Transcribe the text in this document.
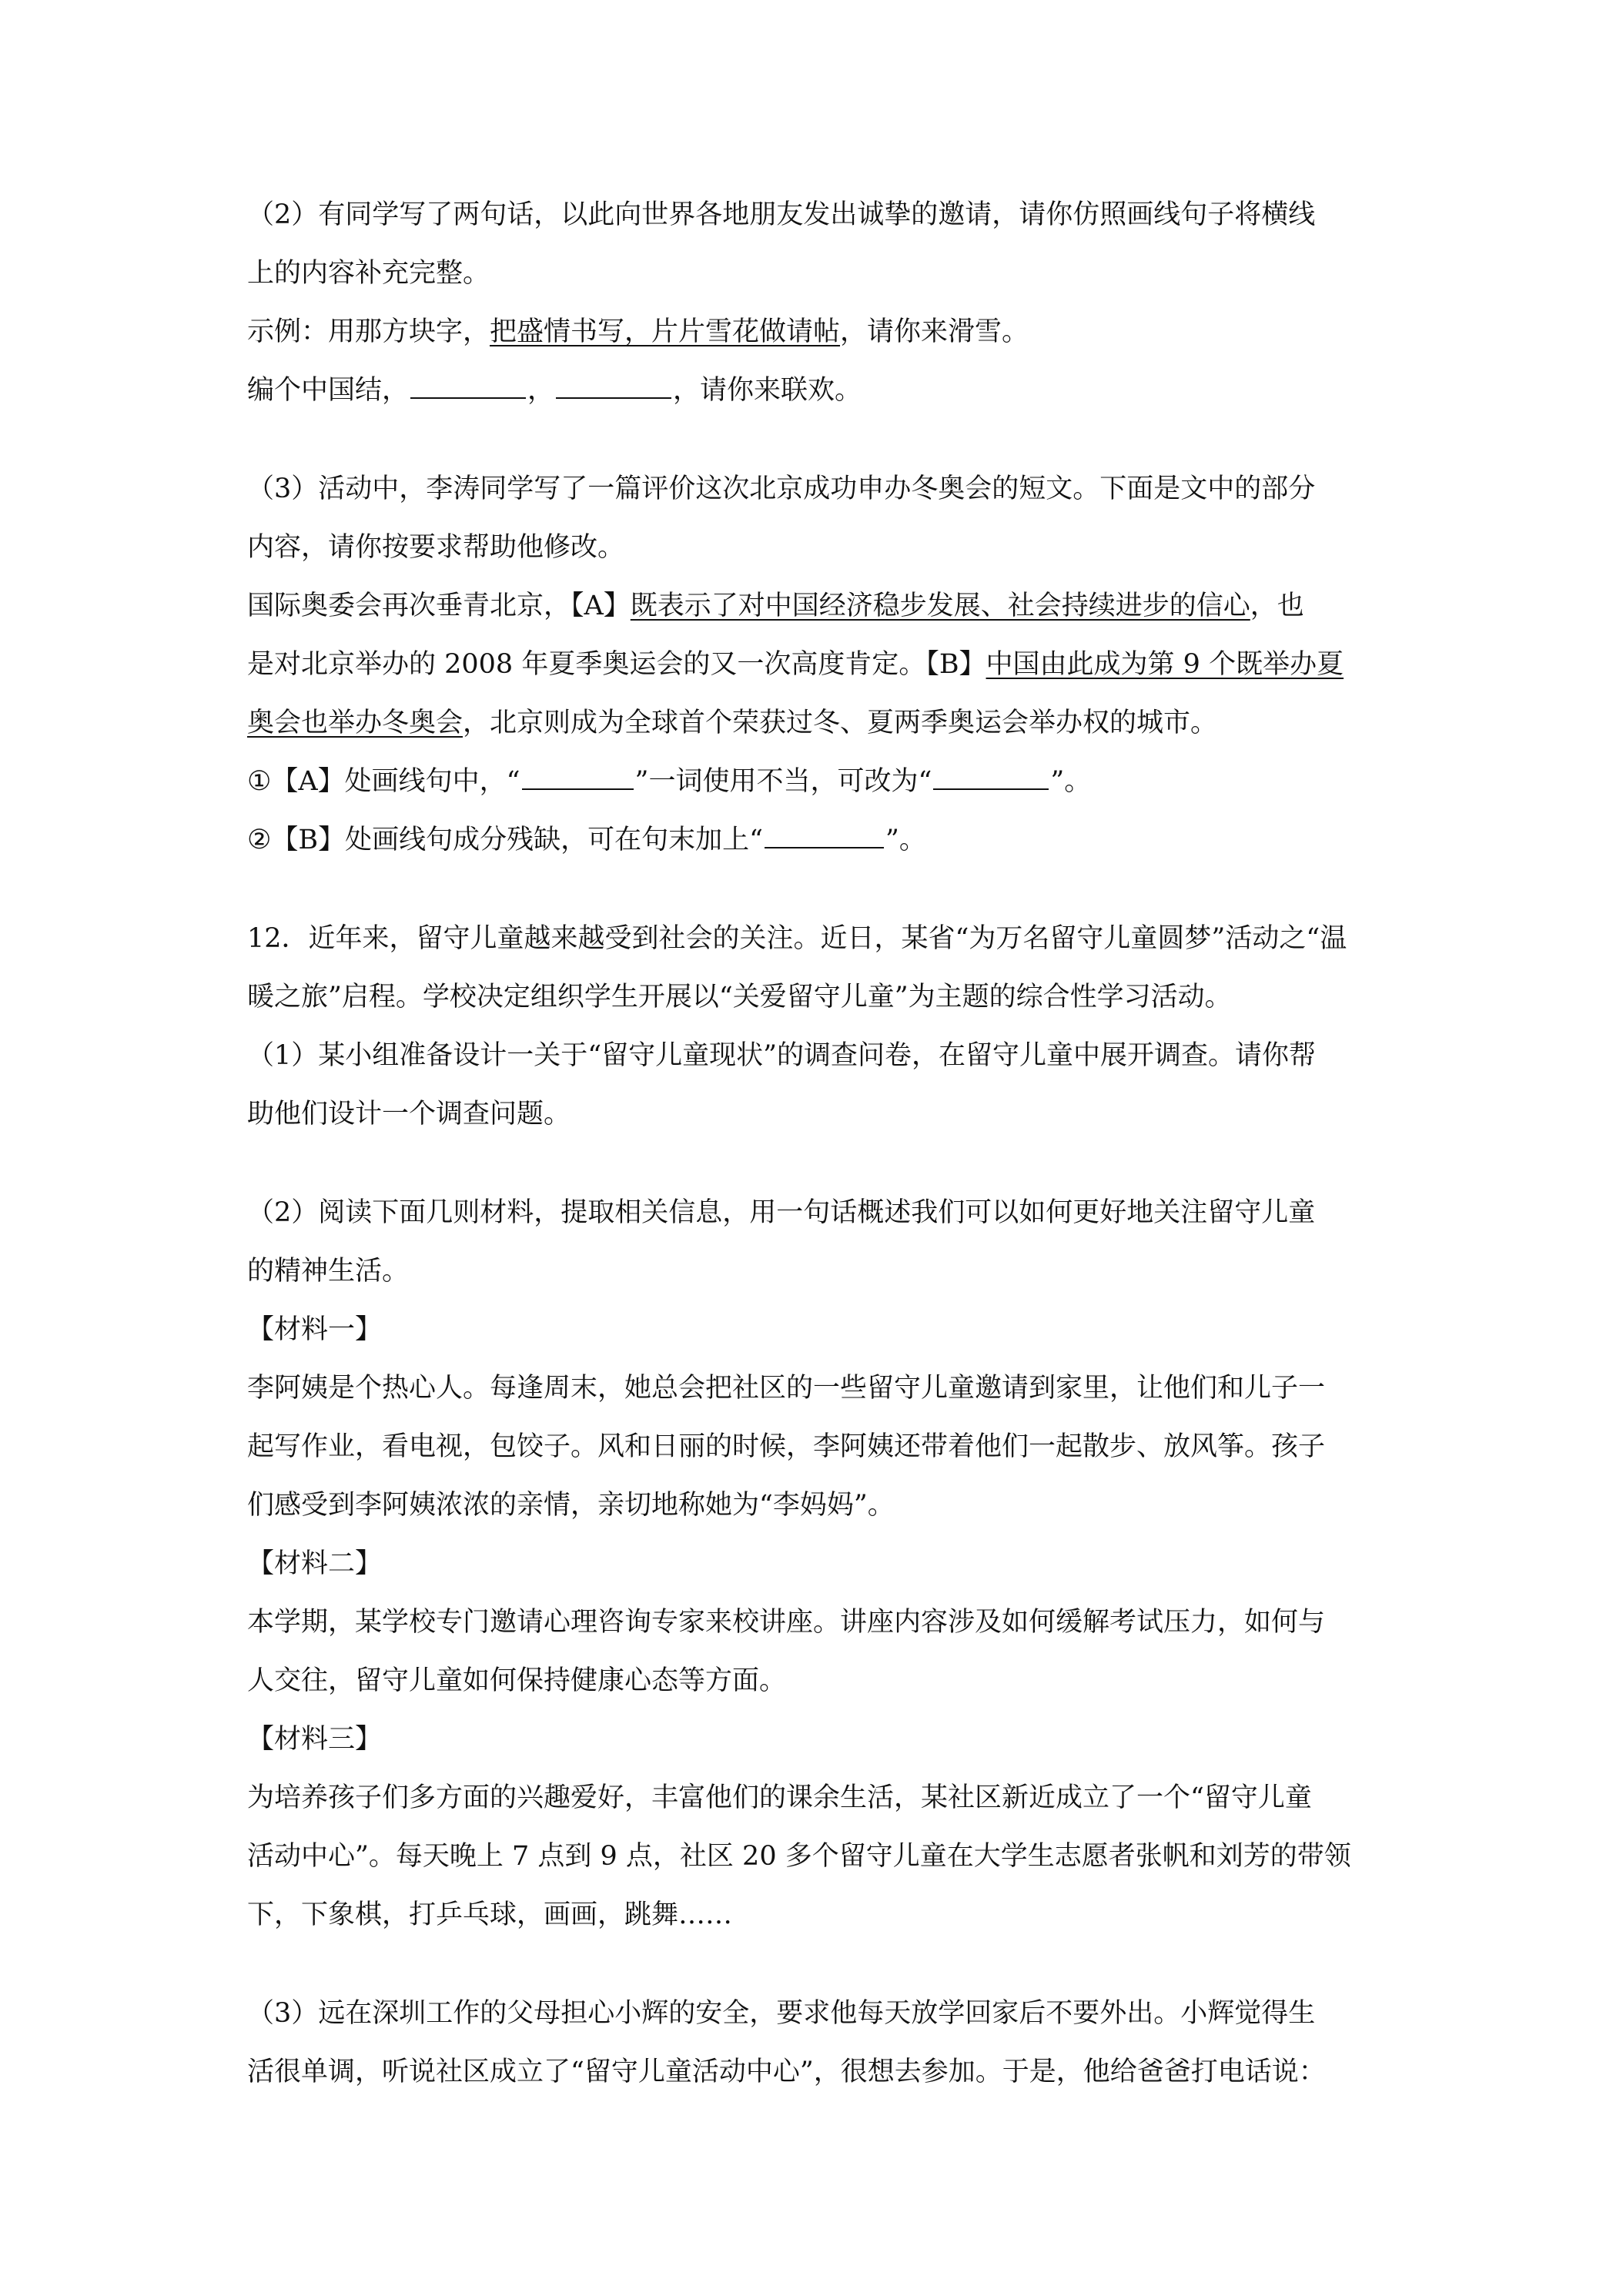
（2）有同学写了两句话，以此向世界各地朋友发出诚挚的邀请，请你仿照画线句子将横线
上的内容补充完整。
示例：用那方块字，把盛情书写，片片雪花做请帖，请你来滑雪。
编个中国结，	，	，请你来联欢。
（3）活动中，李涛同学写了一篇评价这次北京成功申办冬奥会的短文。下面是文中的部分
内容，请你按要求帮助他修改。
国际奥委会再次垂青北京，【A】既表示了对中国经济稳步发展、社会持续进步的信心，也
是对北京举办的 2008 年夏季奥运会的又一次高度肯定。【B】中国由此成为第 9 个既举办夏
奥会也举办冬奥会，北京则成为全球首个荣获过冬、夏两季奥运会举办权的城市。
①【A】处画线句中，“	”一词使用不当，可改为“	”。
②【B】处画线句成分残缺，可在句末加上“	”。
12．近年来，留守儿童越来越受到社会的关注。近日，某省“为万名留守儿童圆梦”活动之“温
暖之旅”启程。学校决定组织学生开展以“关爱留守儿童”为主题的综合性学习活动。
（1）某小组准备设计一关于“留守儿童现状”的调查问卷，在留守儿童中展开调查。请你帮
助他们设计一个调查问题。
（2）阅读下面几则材料，提取相关信息，用一句话概述我们可以如何更好地关注留守儿童
的精神生活。
【材料一】
李阿姨是个热心人。每逢周末，她总会把社区的一些留守儿童邀请到家里，让他们和儿子一
起写作业，看电视，包饺子。风和日丽的时候，李阿姨还带着他们一起散步、放风筝。孩子
们感受到李阿姨浓浓的亲情，亲切地称她为“李妈妈”。
【材料二】
本学期，某学校专门邀请心理咨询专家来校讲座。讲座内容涉及如何缓解考试压力，如何与
人交往，留守儿童如何保持健康心态等方面。
【材料三】
为培养孩子们多方面的兴趣爱好，丰富他们的课余生活，某社区新近成立了一个“留守儿童
活动中心”。每天晚上 7 点到 9 点，社区 20 多个留守儿童在大学生志愿者张帆和刘芳的带领
下，下象棋，打乒乓球，画画，跳舞……
（3）远在深圳工作的父母担心小辉的安全，要求他每天放学回家后不要外出。小辉觉得生
活很单调，听说社区成立了“留守儿童活动中心”，很想去参加。于是，他给爸爸打电话说：
